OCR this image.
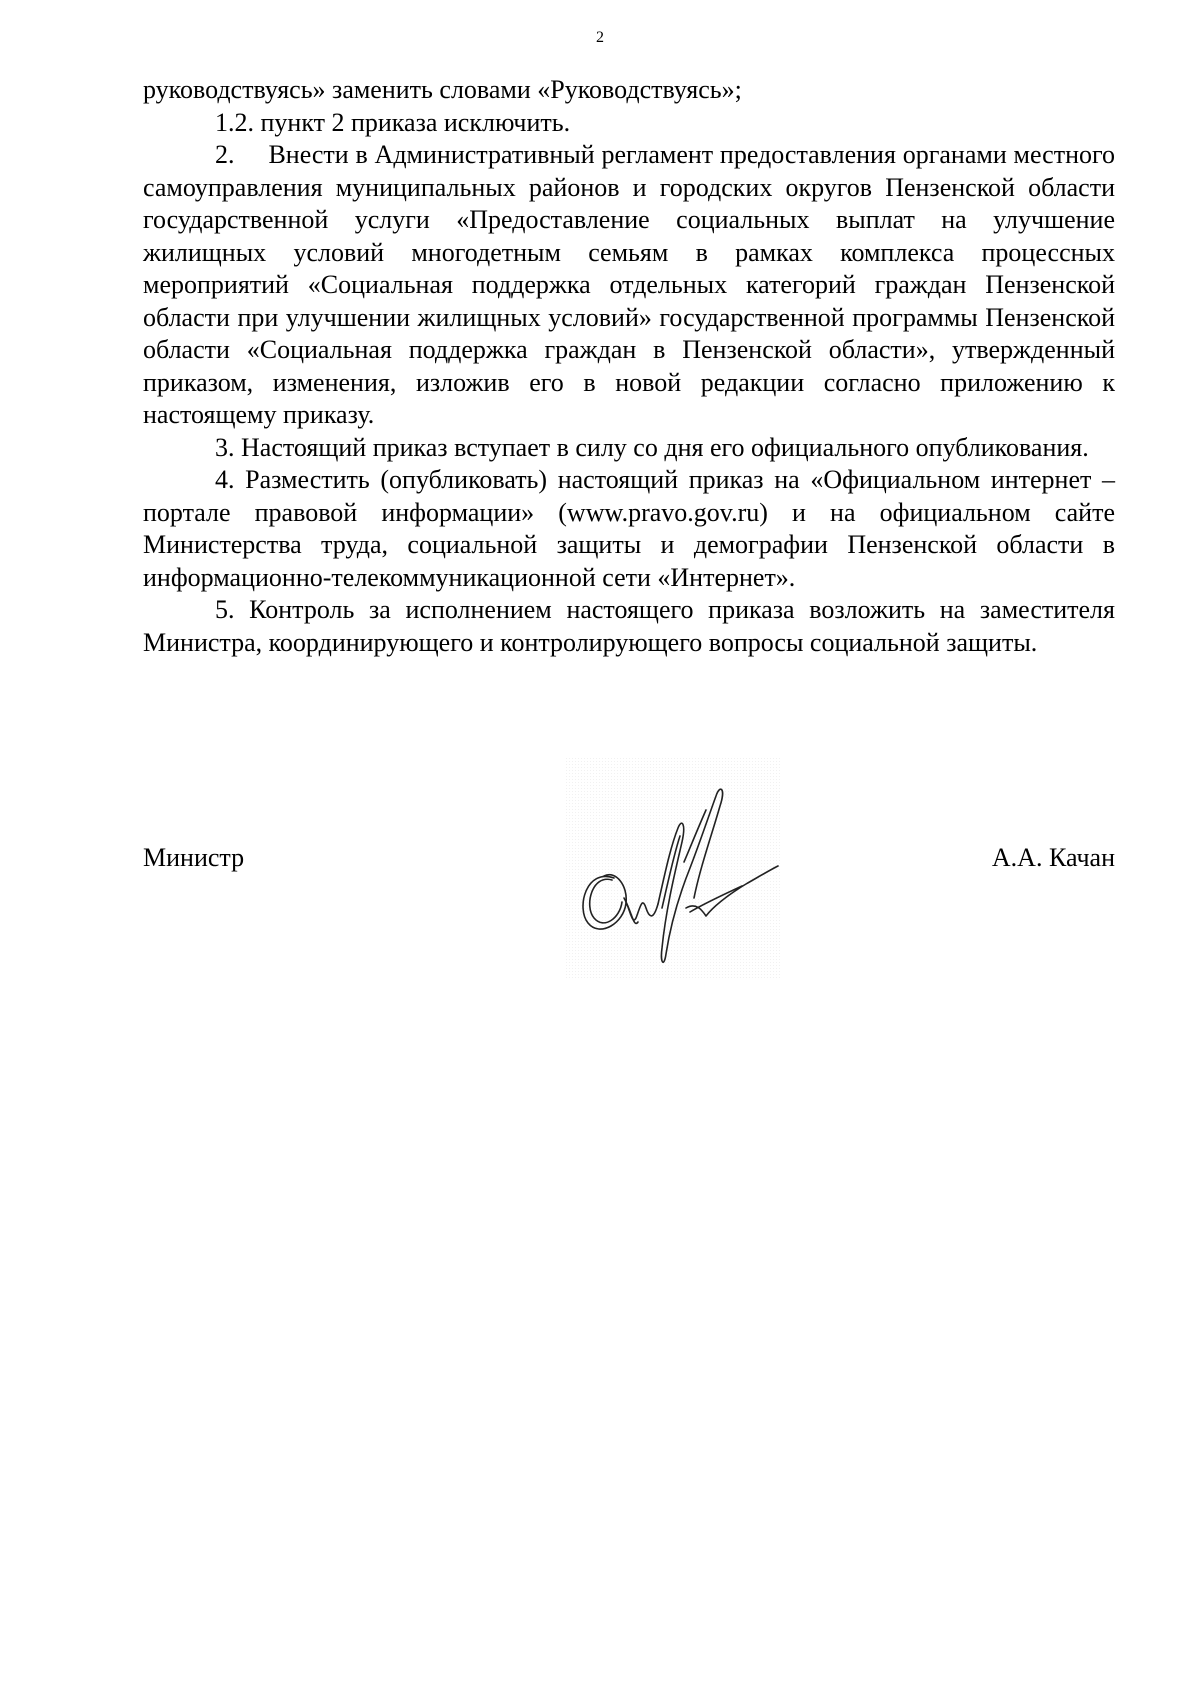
2

руководствуясь» заменить словами «Руководствуясь»;

1.2. пункт 2 приказа исключить.

2.     Внести в Административный регламент предоставления органами местного самоуправления муниципальных районов и городских округов Пензенской области государственной услуги «Предоставление социальных выплат на улучшение жилищных условий многодетным семьям в рамках комплекса процессных мероприятий «Социальная поддержка отдельных категорий граждан Пензенской области при улучшении жилищных условий» государственной программы Пензенской области «Социальная поддержка граждан в Пензенской области», утвержденный приказом, изменения, изложив его в новой редакции согласно приложению к настоящему приказу.

3. Настоящий приказ вступает в силу со дня его официального опубликования.

4. Разместить (опубликовать) настоящий приказ на «Официальном интернет – портале правовой информации» (www.pravo.gov.ru) и на официальном сайте Министерства труда, социальной защиты и демографии Пензенской области в информационно-телекоммуникационной сети «Интернет».

5. Контроль за исполнением настоящего приказа возложить на заместителя Министра, координирующего и контролирующего вопросы социальной защиты.

Министр	А.А. Качан
